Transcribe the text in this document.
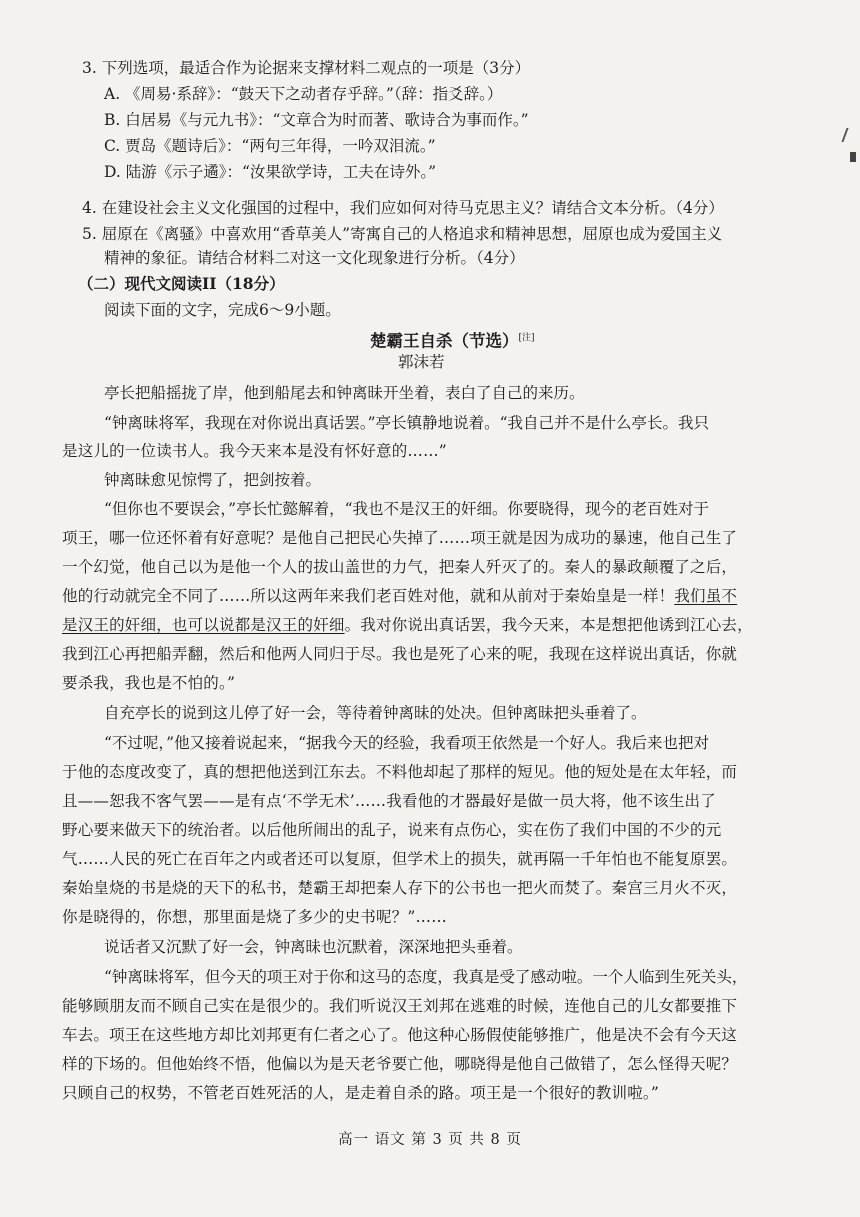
3. 下列选项，最适合作为论据来支撑材料二观点的一项是（3分）
A. 《周易·系辞》：“鼓天下之动者存乎辞。”（辞：指爻辞。）
B. 白居易《与元九书》：“文章合为时而著、歌诗合为事而作。”
C. 贾岛《题诗后》：“两句三年得，一吟双泪流。”
D. 陆游《示子遹》：“汝果欲学诗，工夫在诗外。”
4. 在建设社会主义文化强国的过程中，我们应如何对待马克思主义？请结合文本分析。（4分）
5. 屈原在《离骚》中喜欢用“香草美人”寄寓自己的人格追求和精神思想，屈原也成为爱国主义
精神的象征。请结合材料二对这一文化现象进行分析。（4分）
（二）现代文阅读II（18分）
阅读下面的文字，完成6～9小题。
楚霸王自杀（节选）[注]
郭沫若
亭长把船摇拢了岸，他到船尾去和钟离昧开坐着，表白了自己的来历。
“钟离昧将军，我现在对你说出真话罢。”亭长镇静地说着。“我自己并不是什么亭长。我只
是这儿的一位读书人。我今天来本是没有怀好意的……”
钟离昧愈见惊愕了，把剑按着。
“但你也不要误会，”亭长忙懿解着，“我也不是汉王的奸细。你要晓得，现今的老百姓对于
项王，哪一位还怀着有好意呢？是他自己把民心失掉了……项王就是因为成功的暴速，他自己生了
一个幻觉，他自己以为是他一个人的拔山盖世的力气，把秦人歼灭了的。秦人的暴政颠覆了之后，
他的行动就完全不同了……所以这两年来我们老百姓对他，就和从前对于秦始皇是一样！我们虽不
是汉王的奸细，也可以说都是汉王的奸细。我对你说出真话罢，我今天来，本是想把他诱到江心去，
我到江心再把船弄翻，然后和他两人同归于尽。我也是死了心来的呢，我现在这样说出真话，你就
要杀我，我也是不怕的。”
自充亭长的说到这儿停了好一会，等待着钟离昧的处决。但钟离昧把头垂着了。
“不过呢，”他又接着说起来，“据我今天的经验，我看项王依然是一个好人。我后来也把对
于他的态度改变了，真的想把他送到江东去。不料他却起了那样的短见。他的短处是在太年轻，而
且——恕我不客气罢——是有点‘不学无术’……我看他的才器最好是做一员大将，他不该生出了
野心要来做天下的统治者。以后他所闹出的乱子，说来有点伤心，实在伤了我们中国的不少的元
气……人民的死亡在百年之内或者还可以复原，但学术上的损失，就再隔一千年怕也不能复原罢。
秦始皇烧的书是烧的天下的私书，楚霸王却把秦人存下的公书也一把火而焚了。秦宫三月火不灭，
你是晓得的，你想，那里面是烧了多少的史书呢？”……
说话者又沉默了好一会，钟离昧也沉默着，深深地把头垂着。
“钟离昧将军，但今天的项王对于你和这马的态度，我真是受了感动啦。一个人临到生死关头，
能够顾朋友而不顾自己实在是很少的。我们听说汉王刘邦在逃难的时候，连他自己的儿女都要推下
车去。项王在这些地方却比刘邦更有仁者之心了。他这种心肠假使能够推广，他是决不会有今天这
样的下场的。但他始终不悟，他偏以为是天老爷要亡他，哪晓得是他自己做错了，怎么怪得天呢？
只顾自己的权势，不管老百姓死活的人，是走着自杀的路。项王是一个很好的教训啦。”
高一 语文 第 3 页 共 8 页
